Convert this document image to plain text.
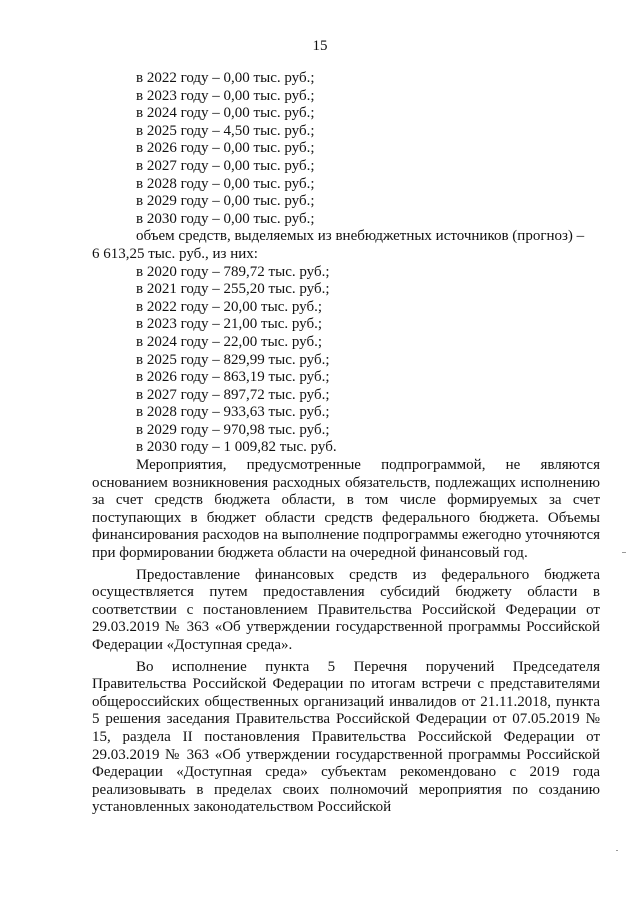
15
в 2022 году – 0,00 тыс. руб.;
в 2023 году – 0,00 тыс. руб.;
в 2024 году – 0,00 тыс. руб.;
в 2025 году – 4,50 тыс. руб.;
в 2026 году – 0,00 тыс. руб.;
в 2027 году – 0,00 тыс. руб.;
в 2028 году – 0,00 тыс. руб.;
в 2029 году – 0,00 тыс. руб.;
в 2030 году – 0,00 тыс. руб.;
объем средств, выделяемых из внебюджетных источников (прогноз) –
6 613,25 тыс. руб., из них:
в 2020 году – 789,72 тыс. руб.;
в 2021 году – 255,20 тыс. руб.;
в 2022 году – 20,00 тыс. руб.;
в 2023 году – 21,00 тыс. руб.;
в 2024 году – 22,00 тыс. руб.;
в 2025 году – 829,99 тыс. руб.;
в 2026 году – 863,19 тыс. руб.;
в 2027 году – 897,72 тыс. руб.;
в 2028 году – 933,63 тыс. руб.;
в 2029 году – 970,98 тыс. руб.;
в 2030 году – 1 009,82 тыс. руб.

Мероприятия, предусмотренные подпрограммой, не являются основанием возникновения расходных обязательств, подлежащих исполнению за счет средств бюджета области, в том числе формируемых за счет поступающих в бюджет области средств федерального бюджета. Объемы финансирования расходов на выполнение подпрограммы ежегодно уточняются при формировании бюджета области на очередной финансовый год.

Предоставление финансовых средств из федерального бюджета осуществляется путем предоставления субсидий бюджету области в соответствии с постановлением Правительства Российской Федерации от 29.03.2019 № 363 «Об утверждении государственной программы Российской Федерации «Доступная среда».

Во исполнение пункта 5 Перечня поручений Председателя Правительства Российской Федерации по итогам встречи с представителями общероссийских общественных организаций инвалидов от 21.11.2018, пункта 5 решения заседания Правительства Российской Федерации от 07.05.2019 № 15, раздела II постановления Правительства Российской Федерации от 29.03.2019 № 363 «Об утверждении государственной программы Российской Федерации «Доступная среда» субъектам рекомендовано с 2019 года реализовывать в пределах своих полномочий мероприятия по созданию установленных законодательством Российской
